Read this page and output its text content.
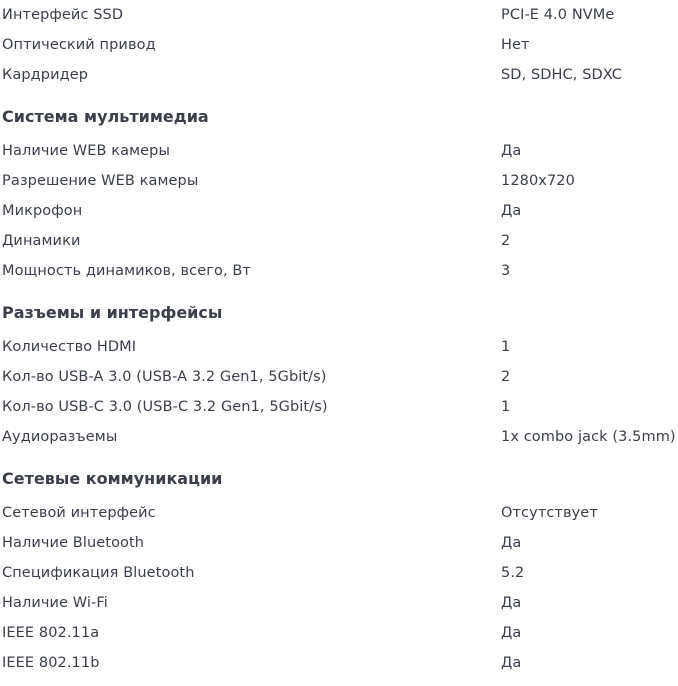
Интерфейс SSD	PCI-E 4.0 NVMe
Оптический привод	Нет
Кардридер	SD, SDHC, SDXC
Система мультимедиа
Наличие WEB камеры	Да
Разрешение WEB камеры	1280x720
Микрофон	Да
Динамики	2
Мощность динамиков, всего, Вт	3
Разъемы и интерфейсы
Количество HDMI	1
Кол-во USB-A 3.0 (USB-A 3.2 Gen1, 5Gbit/s)	2
Кол-во USB-C 3.0 (USB-C 3.2 Gen1, 5Gbit/s)	1
Аудиоразъемы	1x combo jack (3.5mm)
Сетевые коммуникации
Сетевой интерфейс	Отсутствует
Наличие Bluetooth	Да
Спецификация Bluetooth	5.2
Наличие Wi-Fi	Да
IEEE 802.11a	Да
IEEE 802.11b	Да
